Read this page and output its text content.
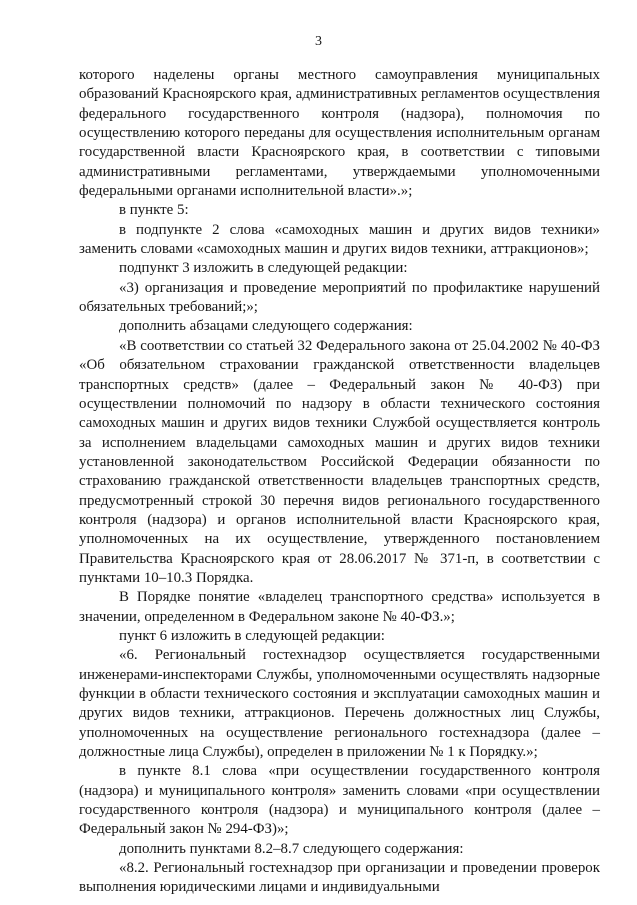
3

которого наделены органы местного самоуправления муниципальных образований Красноярского края, административных регламентов осуществления федерального государственного контроля (надзора), полномочия по осуществлению которого переданы для осуществления исполнительным органам государственной власти Красноярского края, в соответствии с типовыми административными регламентами, утверждаемыми уполномоченными федеральными органами исполнительной власти».»;

в пункте 5:

в подпункте 2 слова «самоходных машин и других видов техники» заменить словами «самоходных машин и других видов техники, аттракционов»;

подпункт 3 изложить в следующей редакции:

«3) организация и проведение мероприятий по профилактике нарушений обязательных требований;»;

дополнить абзацами следующего содержания:

«В соответствии со статьей 32 Федерального закона от 25.04.2002 № 40-ФЗ «Об обязательном страховании гражданской ответственности владельцев транспортных средств» (далее – Федеральный закон № 40-ФЗ) при осуществлении полномочий по надзору в области технического состояния самоходных машин и других видов техники Службой осуществляется контроль за исполнением владельцами самоходных машин и других видов техники установленной законодательством Российской Федерации обязанности по страхованию гражданской ответственности владельцев транспортных средств, предусмотренный строкой 30 перечня видов регионального государственного контроля (надзора) и органов исполнительной власти Красноярского края, уполномоченных на их осуществление, утвержденного постановлением Правительства Красноярского края от 28.06.2017 № 371-п, в соответствии с пунктами 10–10.3 Порядка.

В Порядке понятие «владелец транспортного средства» используется в значении, определенном в Федеральном законе № 40-ФЗ.»;

пункт 6 изложить в следующей редакции:

«6. Региональный гостехнадзор осуществляется государственными инженерами-инспекторами Службы, уполномоченными осуществлять надзорные функции в области технического состояния и эксплуатации самоходных машин и других видов техники, аттракционов. Перечень должностных лиц Службы, уполномоченных на осуществление регионального гостехнадзора (далее – должностные лица Службы), определен в приложении № 1 к Порядку.»;

в пункте 8.1 слова «при осуществлении государственного контроля (надзора) и муниципального контроля» заменить словами «при осуществлении государственного контроля (надзора) и муниципального контроля (далее – Федеральный закон № 294-ФЗ)»;

дополнить пунктами 8.2–8.7 следующего содержания:

«8.2. Региональный гостехнадзор при организации и проведении проверок выполнения юридическими лицами и индивидуальными
